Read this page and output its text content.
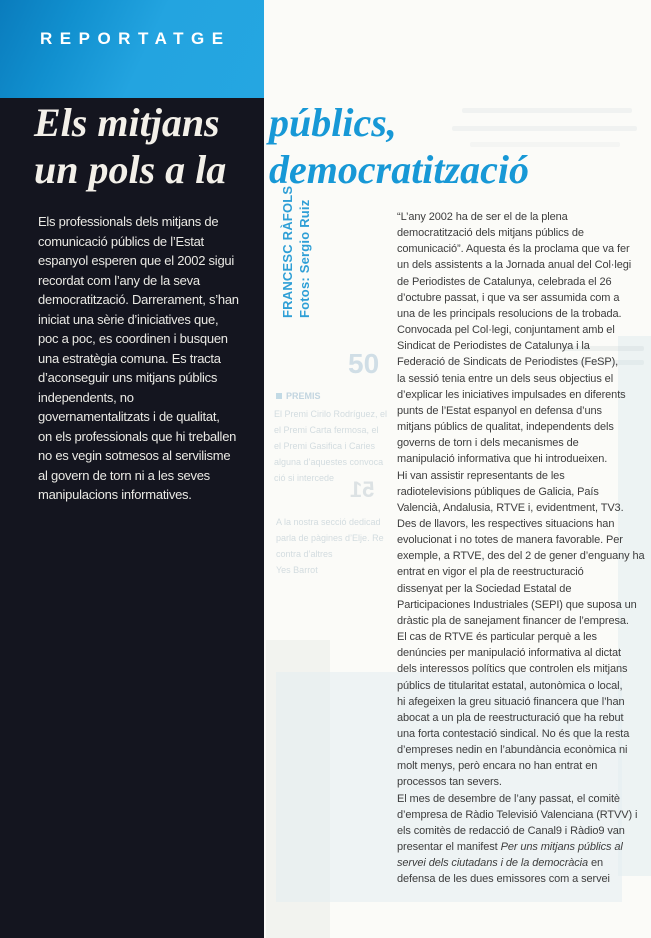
50
PREMIS
El Premi Cirilo Rodríguez, el
el Premi Carta fermosa, el
el Premi Gasifica i Caries
alguna d’aquestes convoca
ció si intercede 51
A la nostra secció dedicad
parla de pàgines d’Elje. Re
contra d’altres
Yes Barrot
REPORTATGE
Els mitjans	públics,
un pols a la	democratització
Els professionals dels mitjans de
comunicació públics de l’Estat
espanyol esperen que el 2002 sigui
recordat com l’any de la seva
democratització. Darrerament, s’han
iniciat una sèrie d’iniciatives que,
poc a poc, es coordinen i busquen
una estratègia comuna. Es tracta
d’aconseguir uns mitjans públics
independents, no
governamentalitzats i de qualitat,
on els professionals que hi treballen
no es vegin sotmesos al servilisme
al govern de torn ni a les seves
manipulacions informatives.
FRANCESC RÀFOLS Fotos: Sergio Ruiz	“L’any 2002 ha de ser el de la plena
democratització dels mitjans públics de
comunicació”. Aquesta és la proclama que va fer
un dels assistents a la Jornada anual del Col·legi
de Periodistes de Catalunya, celebrada el 26
d’octubre passat, i que va ser assumida com a
una de les principals resolucions de la trobada.
Convocada pel Col·legi, conjuntament amb el
Sindicat de Periodistes de Catalunya i la
Federació de Sindicats de Periodistes (FeSP),
la sessió tenia entre un dels seus objectius el
d’explicar les iniciatives impulsades en diferents
punts de l’Estat espanyol en defensa d’uns
mitjans públics de qualitat, independents dels
governs de torn i dels mecanismes de
manipulació informativa que hi introdueixen.
Hi van assistir representants de les
radiotelevisions públiques de Galicia, País
Valencià, Andalusia, RTVE i, evidentment, TV3.
Des de llavors, les respectives situacions han
evolucionat i no totes de manera favorable. Per
exemple, a RTVE, des del 2 de gener d’enguany ha
entrat en vigor el pla de reestructuració
dissenyat per la Sociedad Estatal de
Participaciones Industriales (SEPI) que suposa un
dràstic pla de sanejament financer de l’empresa.
El cas de RTVE és particular perquè a les
denúncies per manipulació informativa al dictat
dels interessos polítics que controlen els mitjans
públics de titularitat estatal, autonòmica o local,
hi afegeixen la greu situació financera que l’han
abocat a un pla de reestructuració que ha rebut
una forta contestació sindical. No és que la resta
d’empreses nedin en l’abundància econòmica ni
molt menys, però encara no han entrat en
processos tan severs.
El mes de desembre de l’any passat, el comitè
d’empresa de Ràdio Televisió Valenciana (RTVV) i
els comitès de redacció de Canal9 i Ràdio9 van
presentar el manifest Per uns mitjans públics al
servei dels ciutadans i de la democràcia en
defensa de les dues emissores com a servei
